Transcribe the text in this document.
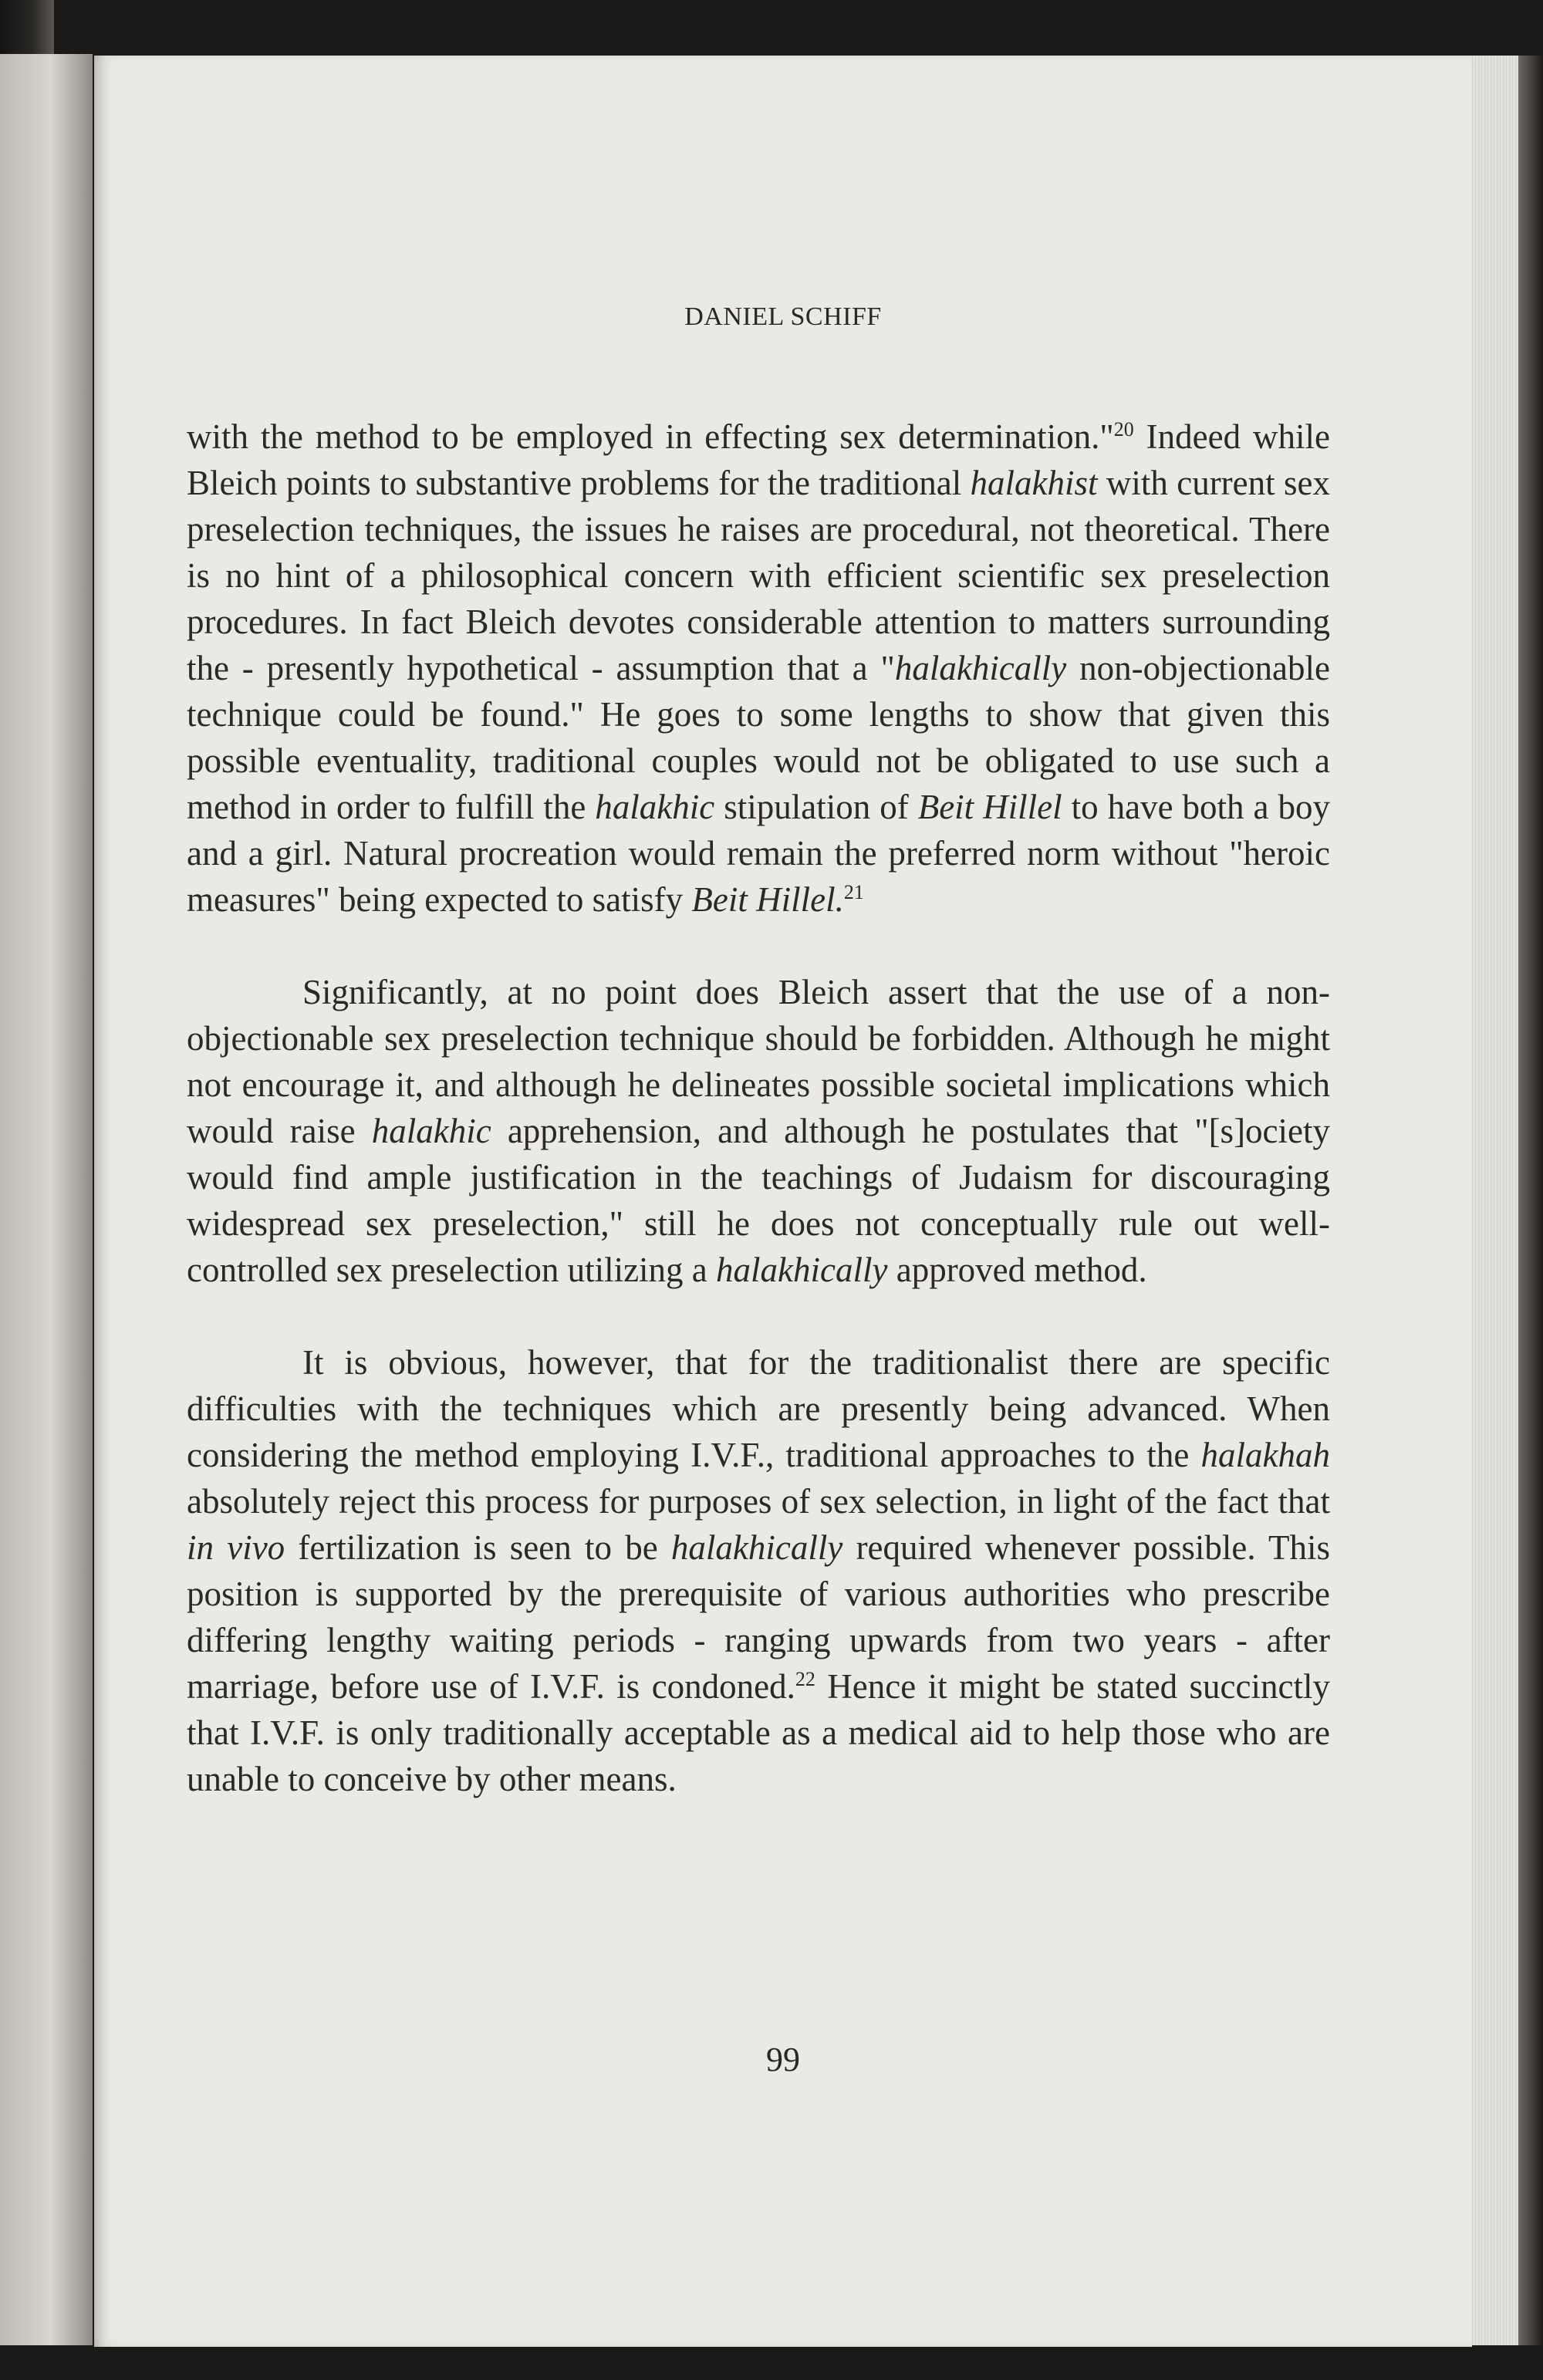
DANIEL SCHIFF

with the method to be employed in effecting sex determination."$^{20}$ Indeed while Bleich points to substantive problems for the traditional halakhist with current sex preselection techniques, the issues he raises are procedural, not theoretical. There is no hint of a philosophical concern with efficient scientific sex preselection procedures. In fact Bleich devotes considerable attention to matters surrounding the - presently hypothetical - assumption that a "halakhically non-objectionable technique could be found." He goes to some lengths to show that given this possible eventuality, traditional couples would not be obligated to use such a method in order to fulfill the halakhic stipulation of Beit Hillel to have both a boy and a girl. Natural procreation would remain the preferred norm without "heroic measures" being expected to satisfy Beit Hillel.$^{21}$

Significantly, at no point does Bleich assert that the use of a non-objectionable sex preselection technique should be forbidden. Although he might not encourage it, and although he delineates possible societal implications which would raise halakhic apprehension, and although he postulates that "[s]ociety would find ample justification in the teachings of Judaism for discouraging widespread sex preselection," still he does not conceptually rule out well-controlled sex preselection utilizing a halakhically approved method.

It is obvious, however, that for the traditionalist there are specific difficulties with the techniques which are presently being advanced. When considering the method employing I.V.F., traditional approaches to the halakhah absolutely reject this process for purposes of sex selection, in light of the fact that in vivo fertilization is seen to be halakhically required whenever possible. This position is supported by the prerequisite of various authorities who prescribe differing lengthy waiting periods - ranging upwards from two years - after marriage, before use of I.V.F. is condoned.$^{22}$ Hence it might be stated succinctly that I.V.F. is only traditionally acceptable as a medical aid to help those who are unable to conceive by other means.

99
